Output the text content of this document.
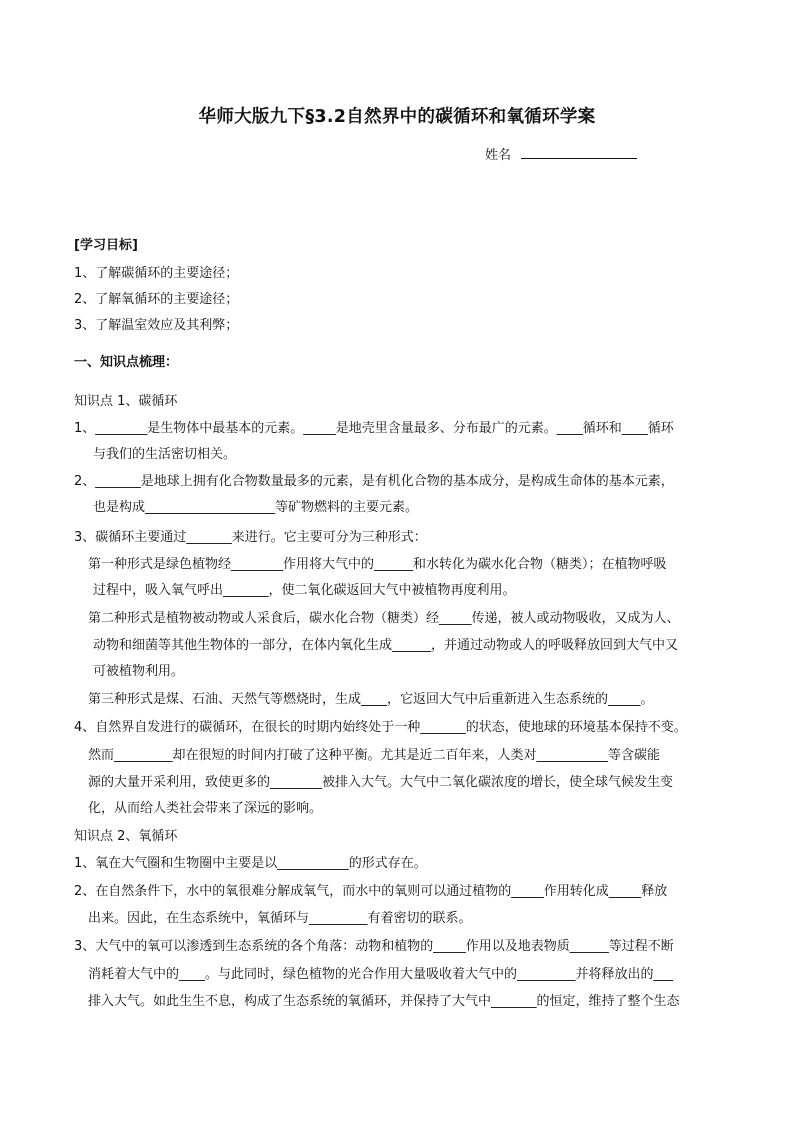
华师大版九下§3.2自然界中的碳循环和氧循环学案
姓名
[学习目标]
1、了解碳循环的主要途径；
2、了解氧循环的主要途径；
3、了解温室效应及其利弊；
一、知识点梳理：
知识点 1、碳循环
1、________是生物体中最基本的元素。_____是地壳里含量最多、分布最广的元素。____循环和____循环
与我们的生活密切相关。
2、_______是地球上拥有化合物数量最多的元素，是有机化合物的基本成分，是构成生命体的基本元素，
也是构成____________________等矿物燃料的主要元素。
3、碳循环主要通过_______来进行。它主要可分为三种形式：
第一种形式是绿色植物经________作用将大气中的______和水转化为碳水化合物（糖类）；在植物呼吸
过程中，吸入氧气呼出_______，使二氧化碳返回大气中被植物再度利用。
第二种形式是植物被动物或人采食后，碳水化合物（糖类）经_____传递，被人或动物吸收，又成为人、
动物和细菌等其他生物体的一部分，在体内氧化生成______，并通过动物或人的呼吸释放回到大气中又
可被植物利用。
第三种形式是煤、石油、天然气等燃烧时，生成____，它返回大气中后重新进入生态系统的_____。
4、自然界自发进行的碳循环，在很长的时期内始终处于一种_______的状态，使地球的环境基本保持不变。
然而_________却在很短的时间内打破了这种平衡。尤其是近二百年来，人类对___________等含碳能
源的大量开采利用，致使更多的________被排入大气。大气中二氧化碳浓度的增长，使全球气候发生变
化，从而给人类社会带来了深远的影响。
知识点 2、氧循环
1、氧在大气圈和生物圈中主要是以___________的形式存在。
2、在自然条件下，水中的氧很难分解成氧气，而水中的氧则可以通过植物的_____作用转化成_____释放
出来。因此，在生态系统中，氧循环与_________有着密切的联系。
3、大气中的氧可以渗透到生态系统的各个角落：动物和植物的_____作用以及地表物质______等过程不断
消耗着大气中的____。与此同时，绿色植物的光合作用大量吸收着大气中的_________并将释放出的___
排入大气。如此生生不息，构成了生态系统的氧循环，并保持了大气中_______的恒定，维持了整个生态
